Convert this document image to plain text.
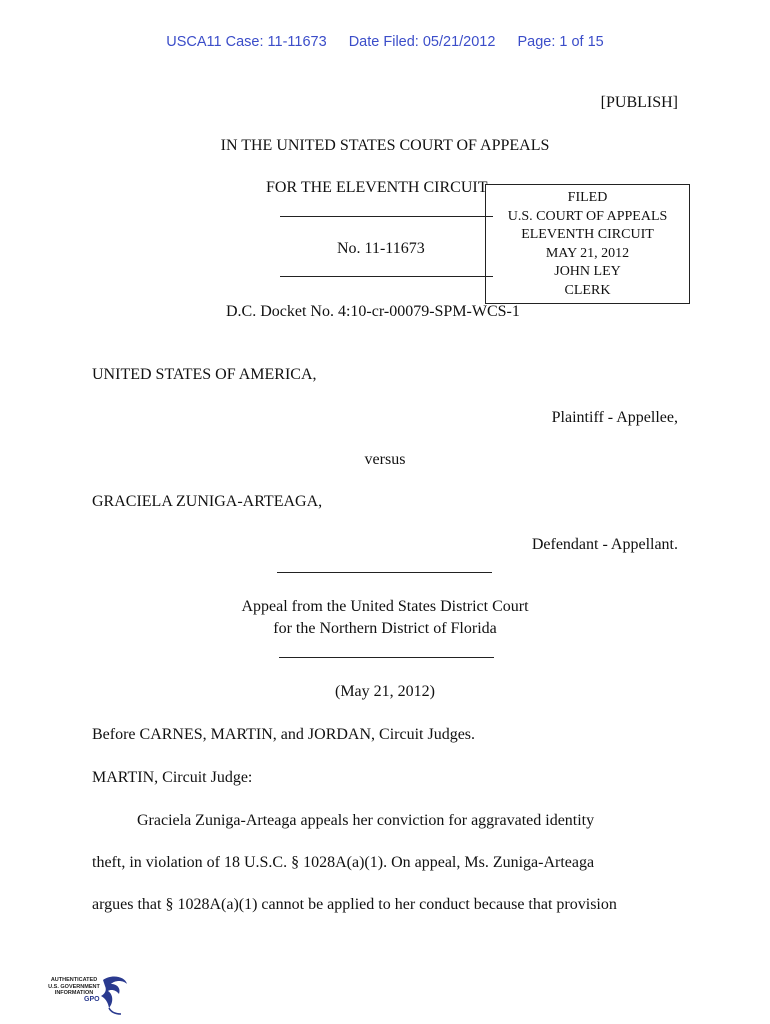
USCA11 Case: 11-11673 Date Filed: 05/21/2012 Page: 1 of 15
[PUBLISH]
IN THE UNITED STATES COURT OF APPEALS
FOR THE ELEVENTH CIRCUIT
No. 11-11673
FILED
U.S. COURT OF APPEALS
ELEVENTH CIRCUIT
MAY 21, 2012
JOHN LEY
CLERK
D.C. Docket No. 4:10-cr-00079-SPM-WCS-1
UNITED STATES OF AMERICA,
Plaintiff - Appellee,
versus
GRACIELA ZUNIGA-ARTEAGA,
Defendant - Appellant.
Appeal from the United States District Court
for the Northern District of Florida
(May 21, 2012)
Before CARNES, MARTIN, and JORDAN, Circuit Judges.
MARTIN, Circuit Judge:
Graciela Zuniga-Arteaga appeals her conviction for aggravated identity
theft, in violation of 18 U.S.C. § 1028A(a)(1). On appeal, Ms. Zuniga-Arteaga
argues that § 1028A(a)(1) cannot be applied to her conduct because that provision
AUTHENTICATED
U.S. GOVERNMENT
INFORMATION
GPO
